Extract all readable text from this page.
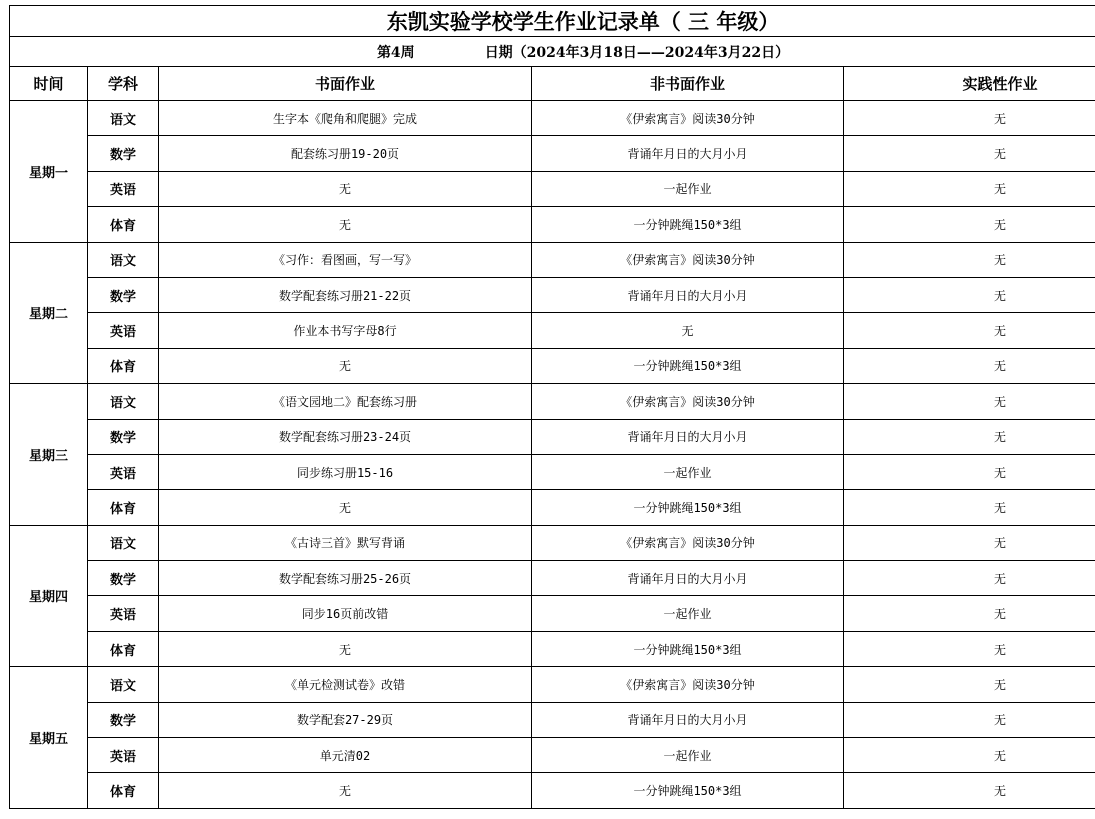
东凯实验学校学生作业记录单（ 三 年级）				
第4周 日期（2024年3月18日——2024年3月22日）				
时间	学科	书面作业	非书面作业	实践性作业
星期一	语文	生字本《爬角和爬腿》完成	《伊索寓言》阅读30分钟	无
	数学	配套练习册19-20页	背诵年月日的大月小月	无
	英语	无	一起作业	无
	体育	无	一分钟跳绳150*3组	无
星期二	语文	《习作：看图画，写一写》	《伊索寓言》阅读30分钟	无
	数学	数学配套练习册21-22页	背诵年月日的大月小月	无
	英语	作业本书写字母8行	无	无
	体育	无	一分钟跳绳150*3组	无
星期三	语文	《语文园地二》配套练习册	《伊索寓言》阅读30分钟	无
	数学	数学配套练习册23-24页	背诵年月日的大月小月	无
	英语	同步练习册15-16	一起作业	无
	体育	无	一分钟跳绳150*3组	无
星期四	语文	《古诗三首》默写背诵	《伊索寓言》阅读30分钟	无
	数学	数学配套练习册25-26页	背诵年月日的大月小月	无
	英语	同步16页前改错	一起作业	无
	体育	无	一分钟跳绳150*3组	无
星期五	语文	《单元检测试卷》改错	《伊索寓言》阅读30分钟	无
	数学	数学配套27-29页	背诵年月日的大月小月	无
	英语	单元清02	一起作业	无
	体育	无	一分钟跳绳150*3组	无
